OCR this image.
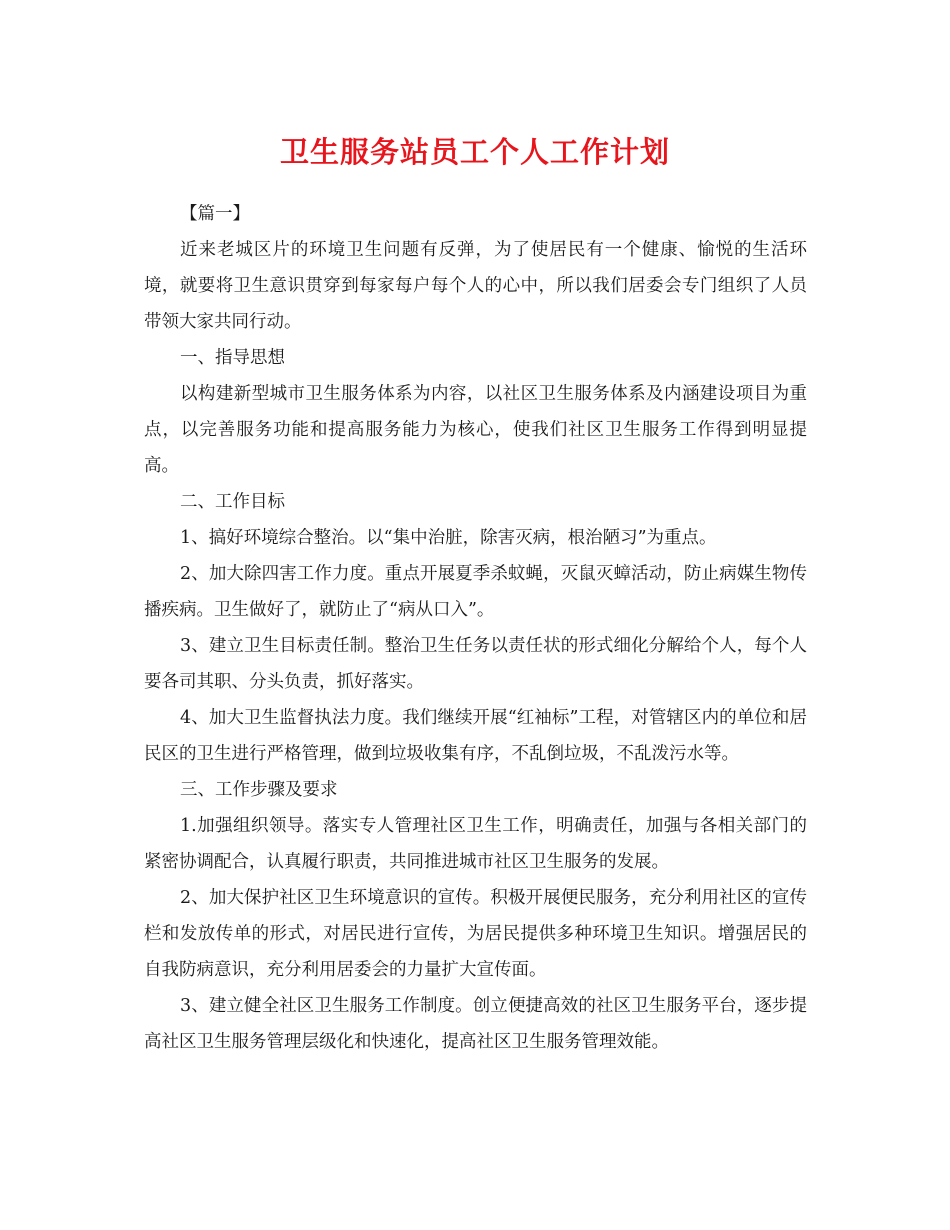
卫生服务站员工个人工作计划

【篇一】

近来老城区片的环境卫生问题有反弹，为了使居民有一个健康、愉悦的生活环境，就要将卫生意识贯穿到每家每户每个人的心中，所以我们居委会专门组织了人员带领大家共同行动。

一、指导思想

以构建新型城市卫生服务体系为内容，以社区卫生服务体系及内涵建设项目为重点，以完善服务功能和提高服务能力为核心，使我们社区卫生服务工作得到明显提高。

二、工作目标

1、搞好环境综合整治。以“集中治脏，除害灭病，根治陋习”为重点。

2、加大除四害工作力度。重点开展夏季杀蚊蝇，灭鼠灭蟑活动，防止病媒生物传播疾病。卫生做好了，就防止了“病从口入”。

3、建立卫生目标责任制。整治卫生任务以责任状的形式细化分解给个人，每个人要各司其职、分头负责，抓好落实。

4、加大卫生监督执法力度。我们继续开展“红袖标”工程，对管辖区内的单位和居民区的卫生进行严格管理，做到垃圾收集有序，不乱倒垃圾，不乱泼污水等。

三、工作步骤及要求

1.加强组织领导。落实专人管理社区卫生工作，明确责任，加强与各相关部门的紧密协调配合，认真履行职责，共同推进城市社区卫生服务的发展。

2、加大保护社区卫生环境意识的宣传。积极开展便民服务，充分利用社区的宣传栏和发放传单的形式，对居民进行宣传，为居民提供多种环境卫生知识。增强居民的自我防病意识，充分利用居委会的力量扩大宣传面。

3、建立健全社区卫生服务工作制度。创立便捷高效的社区卫生服务平台，逐步提高社区卫生服务管理层级化和快速化，提高社区卫生服务管理效能。
